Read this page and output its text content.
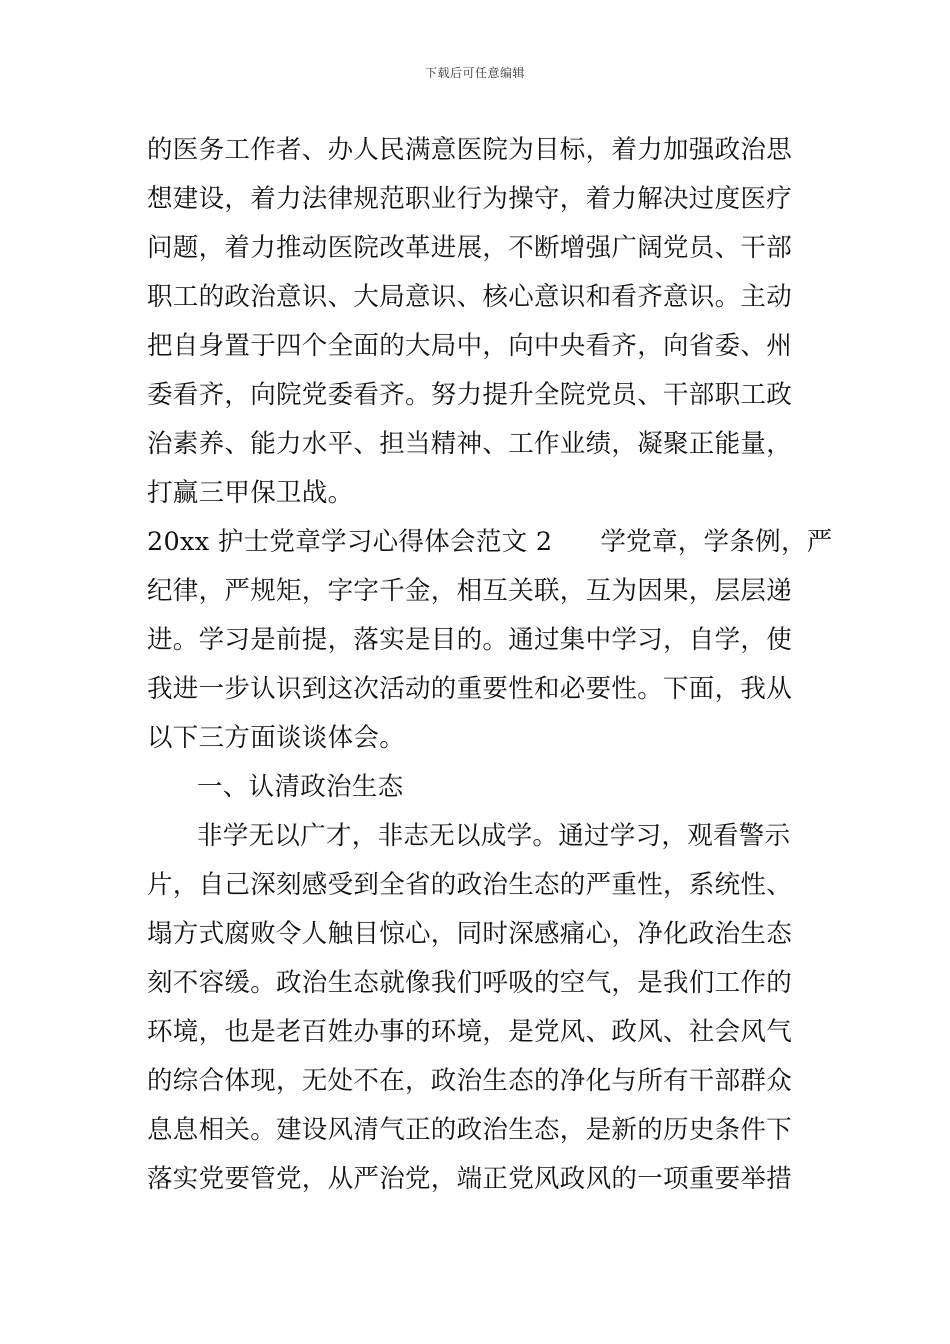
下载后可任意编辑
的医务工作者、办人民满意医院为目标，着力加强政治思
想建设，着力法律规范职业行为操守，着力解决过度医疗
问题，着力推动医院改革进展，不断增强广阔党员、干部
职工的政治意识、大局意识、核心意识和看齐意识。主动
把自身置于四个全面的大局中，向中央看齐，向省委、州
委看齐，向院党委看齐。努力提升全院党员、干部职工政
治素养、能力水平、担当精神、工作业绩，凝聚正能量，
打赢三甲保卫战。
20xx 护士党章学习心得体会范文 2 学党章，学条例，严
纪律，严规矩，字字千金，相互关联，互为因果，层层递
进。学习是前提，落实是目的。通过集中学习，自学，使
我进一步认识到这次活动的重要性和必要性。下面，我从
以下三方面谈谈体会。
一、认清政治生态
非学无以广才，非志无以成学。通过学习，观看警示
片，自己深刻感受到全省的政治生态的严重性，系统性、
塌方式腐败令人触目惊心，同时深感痛心，净化政治生态
刻不容缓。政治生态就像我们呼吸的空气，是我们工作的
环境，也是老百姓办事的环境，是党风、政风、社会风气
的综合体现，无处不在，政治生态的净化与所有干部群众
息息相关。建设风清气正的政治生态，是新的历史条件下
落实党要管党，从严治党，端正党风政风的一项重要举措
